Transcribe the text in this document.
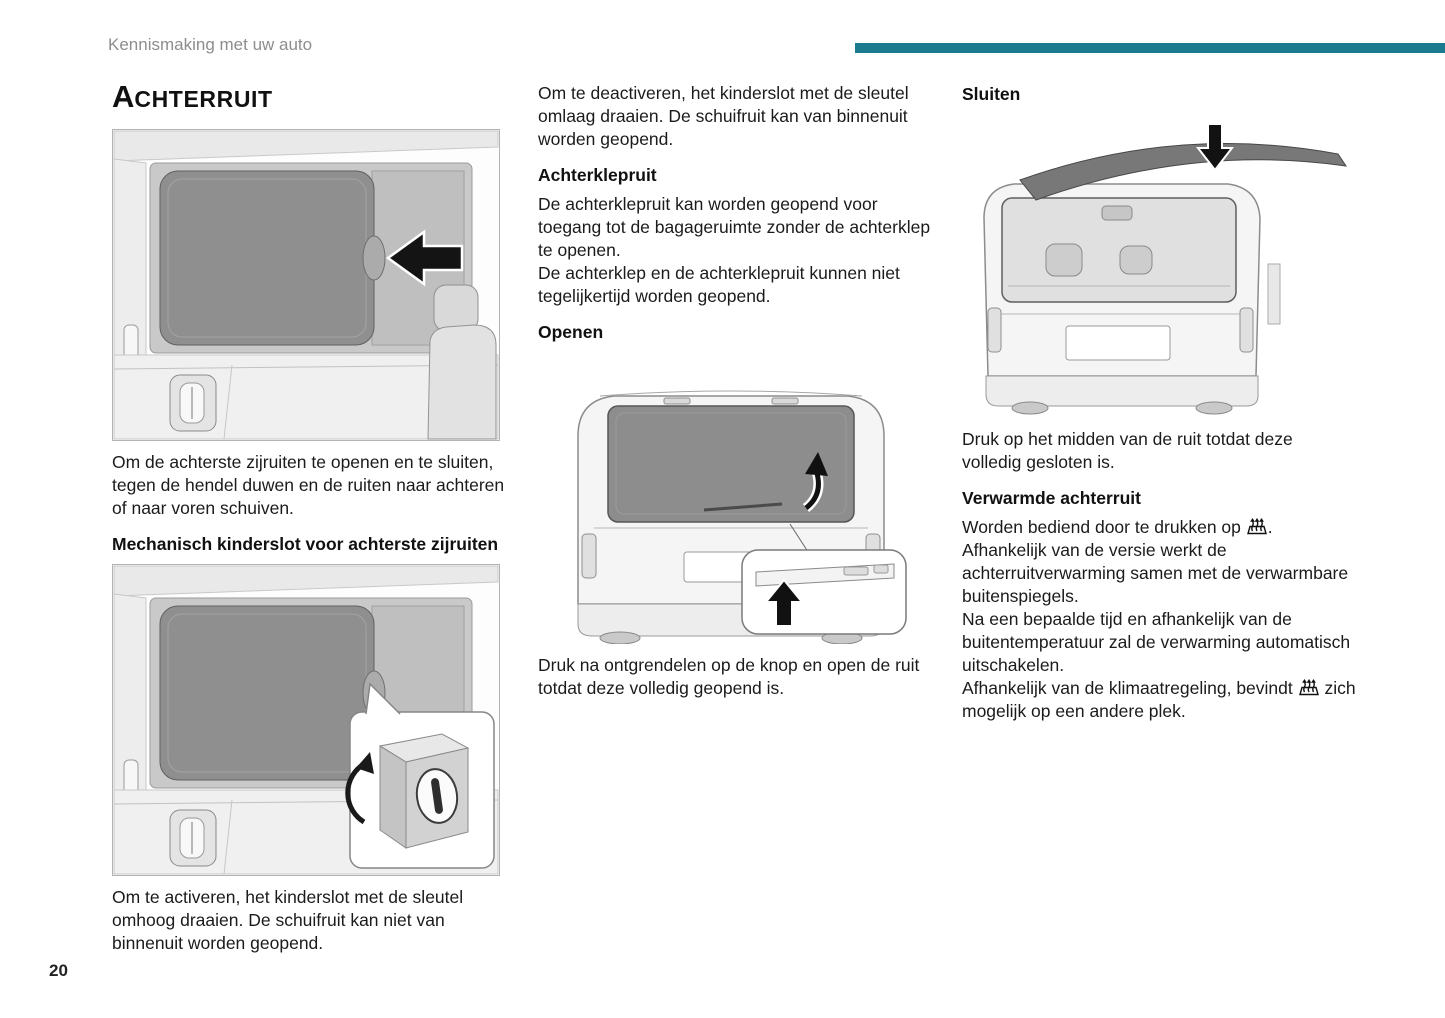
Kennismaking met uw auto
ACHTERRUIT

Om de achterste zijruiten te openen en te sluiten, tegen de hendel duwen en de ruiten naar achteren of naar voren schuiven.

Mechanisch kinderslot voor achterste zijruiten

Om te activeren, het kinderslot met de sleutel omhoog draaien. De schuifruit kan niet van binnenuit worden geopend.

Om te deactiveren, het kinderslot met de sleutel omlaag draaien. De schuifruit kan van binnenuit worden geopend.

Achterklepruit

De achterklepruit kan worden geopend voor toegang tot de bagageruimte zonder de achterklep te openen.

De achterklep en de achterklepruit kunnen niet tegelijkertijd worden geopend.

Openen

Druk na ontgrendelen op de knop en open de ruit totdat deze volledig geopend is.

Sluiten

Druk op het midden van de ruit totdat deze volledig gesloten is.

Verwarmde achterruit

Worden bediend door te drukken op . Afhankelijk van de versie werkt de achterruitverwarming samen met de verwarmbare buitenspiegels.

Na een bepaalde tijd en afhankelijk van de buitentemperatuur zal de verwarming automatisch uitschakelen.

Afhankelijk van de klimaatregeling, bevindt zich mogelijk op een andere plek.

20
